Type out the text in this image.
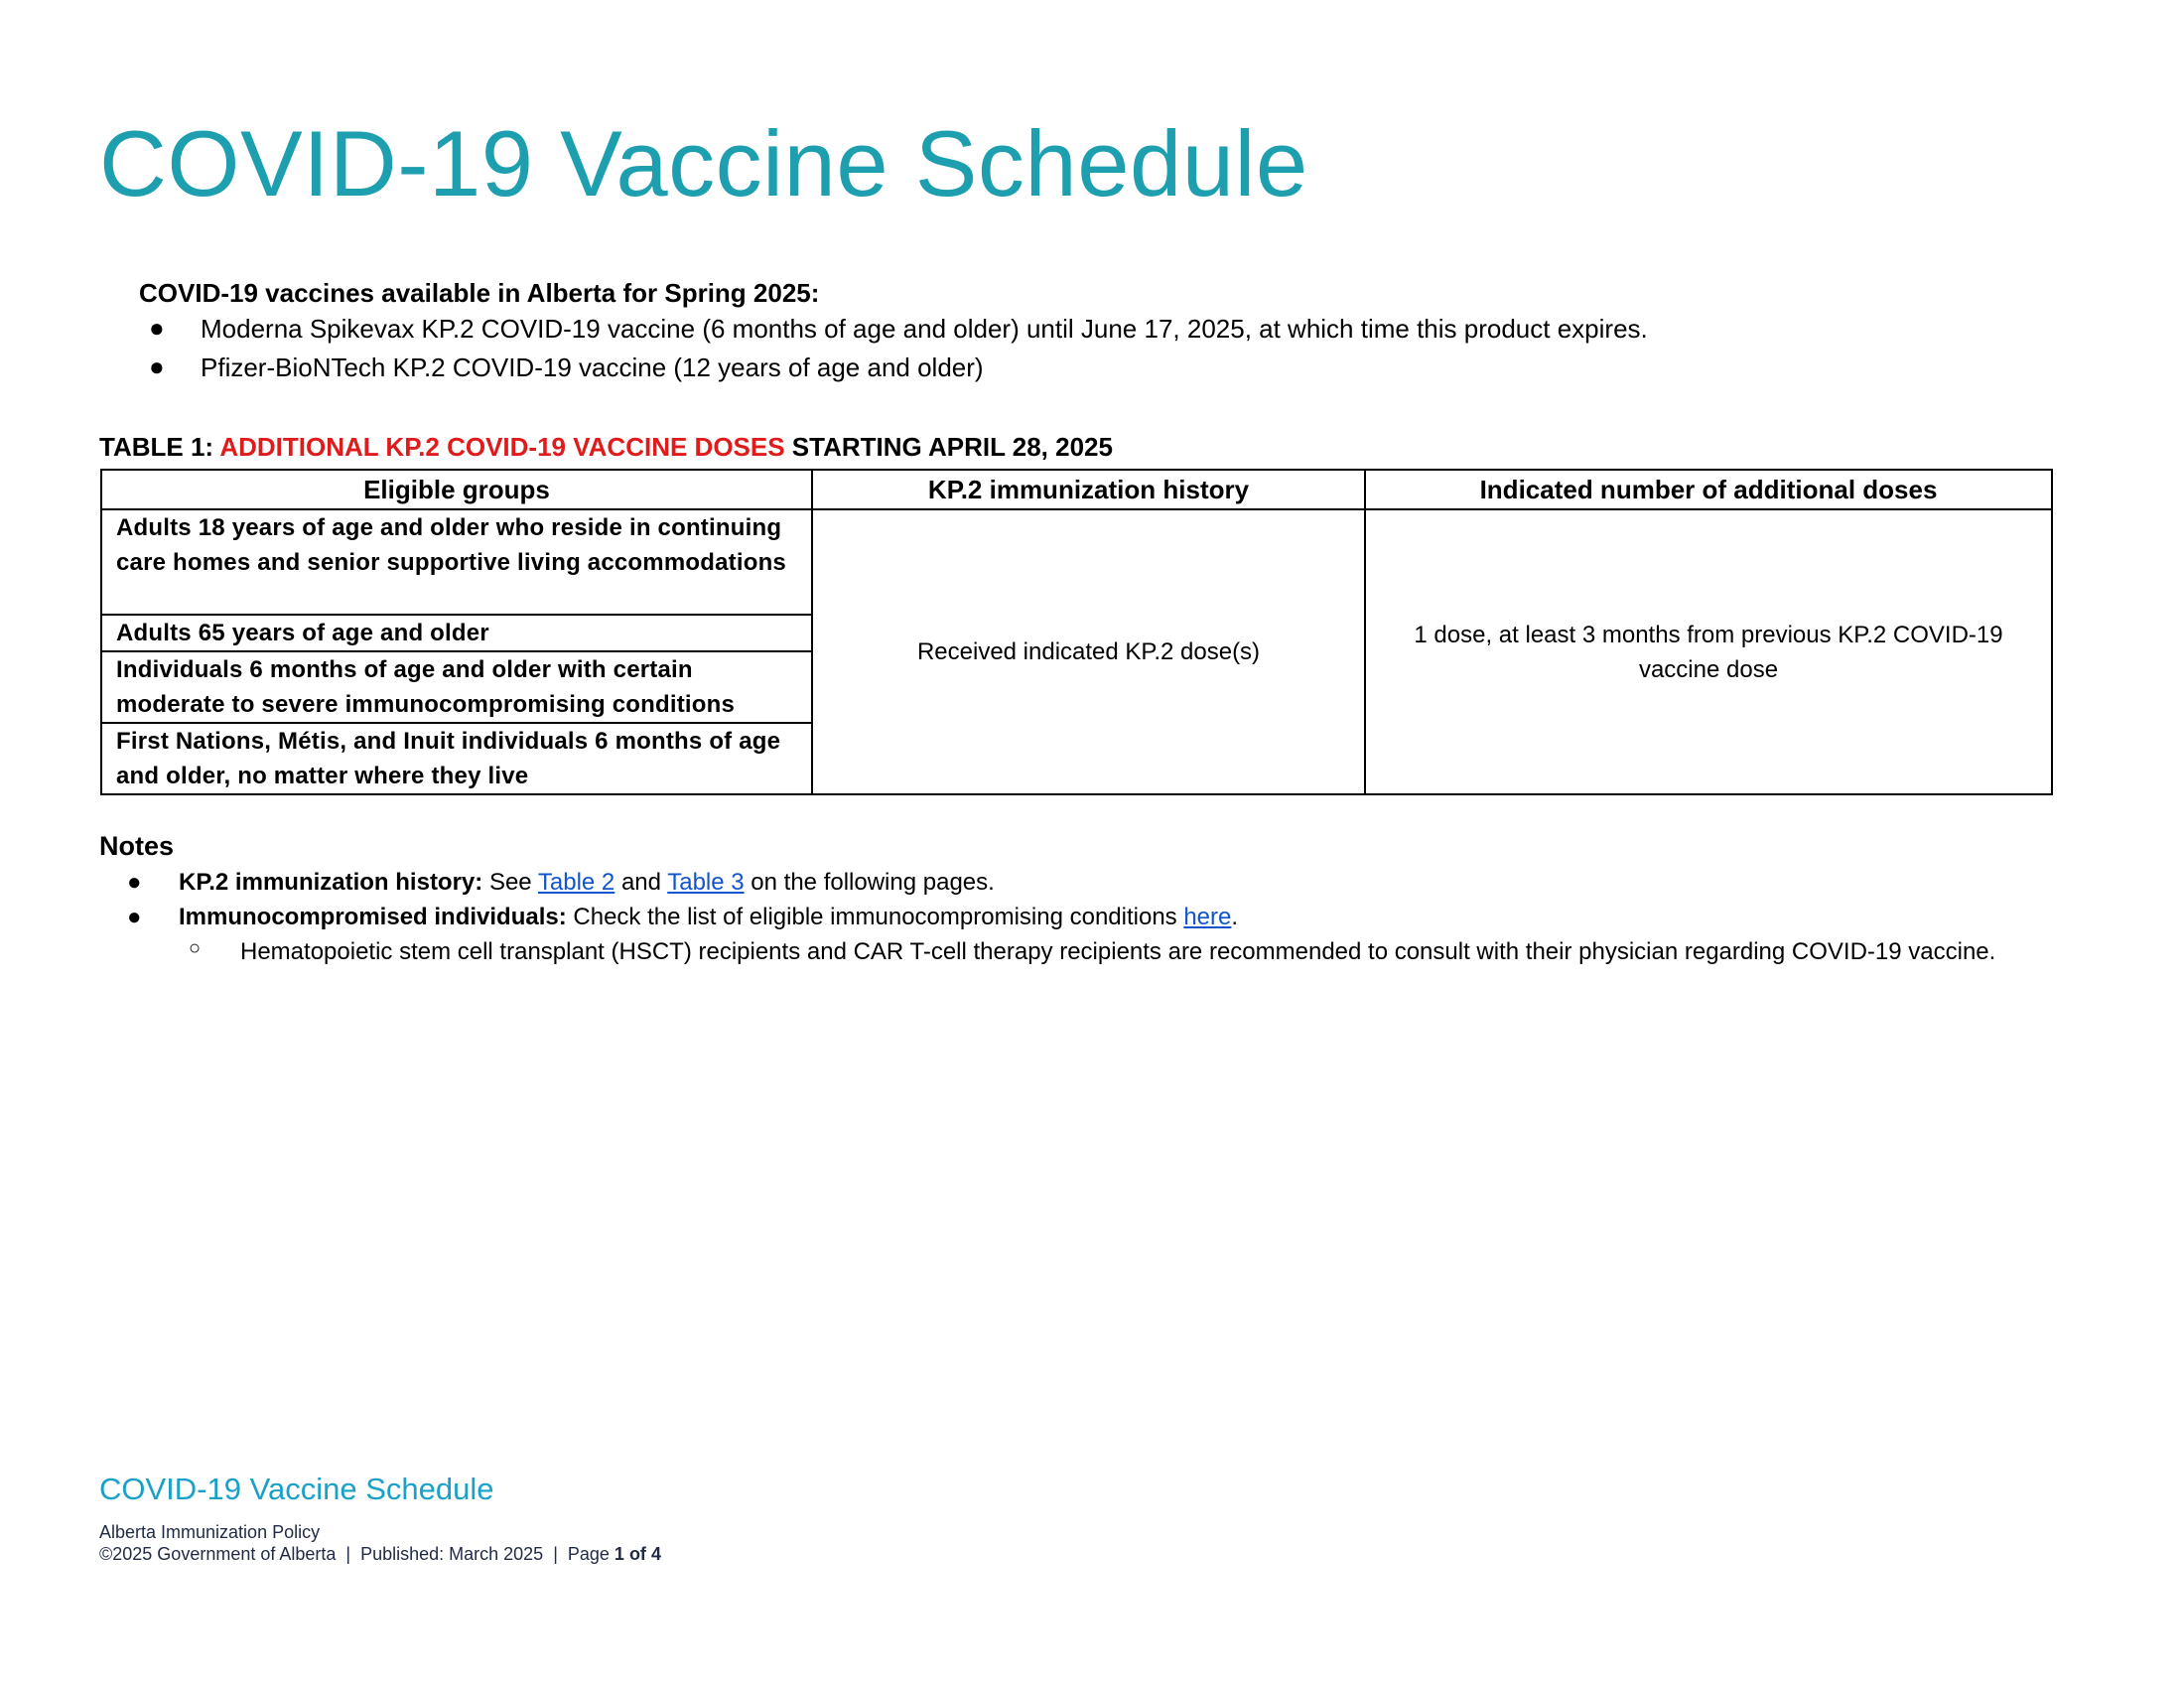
COVID-19 Vaccine Schedule
COVID-19 vaccines available in Alberta for Spring 2025:
● Moderna Spikevax KP.2 COVID-19 vaccine (6 months of age and older) until June 17, 2025, at which time this product expires.
● Pfizer-BioNTech KP.2 COVID-19 vaccine (12 years of age and older)
TABLE 1: ADDITIONAL KP.2 COVID-19 VACCINE DOSES STARTING APRIL 28, 2025
Eligible groups	KP.2 immunization history	Indicated number of additional doses
Adults 18 years of age and older who reside in continuing care homes and senior supportive living accommodations	Received indicated KP.2 dose(s)	1 dose, at least 3 months from previous KP.2 COVID-19 vaccine dose
Adults 65 years of age and older		
Individuals 6 months of age and older with certain moderate to severe immunocompromising conditions		
First Nations, Métis, and Inuit individuals 6 months of age and older, no matter where they live		
Notes
● KP.2 immunization history: See Table 2 and Table 3 on the following pages.
● Immunocompromised individuals: Check the list of eligible immunocompromising conditions here.
○ Hematopoietic stem cell transplant (HSCT) recipients and CAR T-cell therapy recipients are recommended to consult with their physician regarding COVID-19 vaccine.
COVID-19 Vaccine Schedule
Alberta Immunization Policy
©2025 Government of Alberta  |  Published: March 2025  |  Page 1 of 4
